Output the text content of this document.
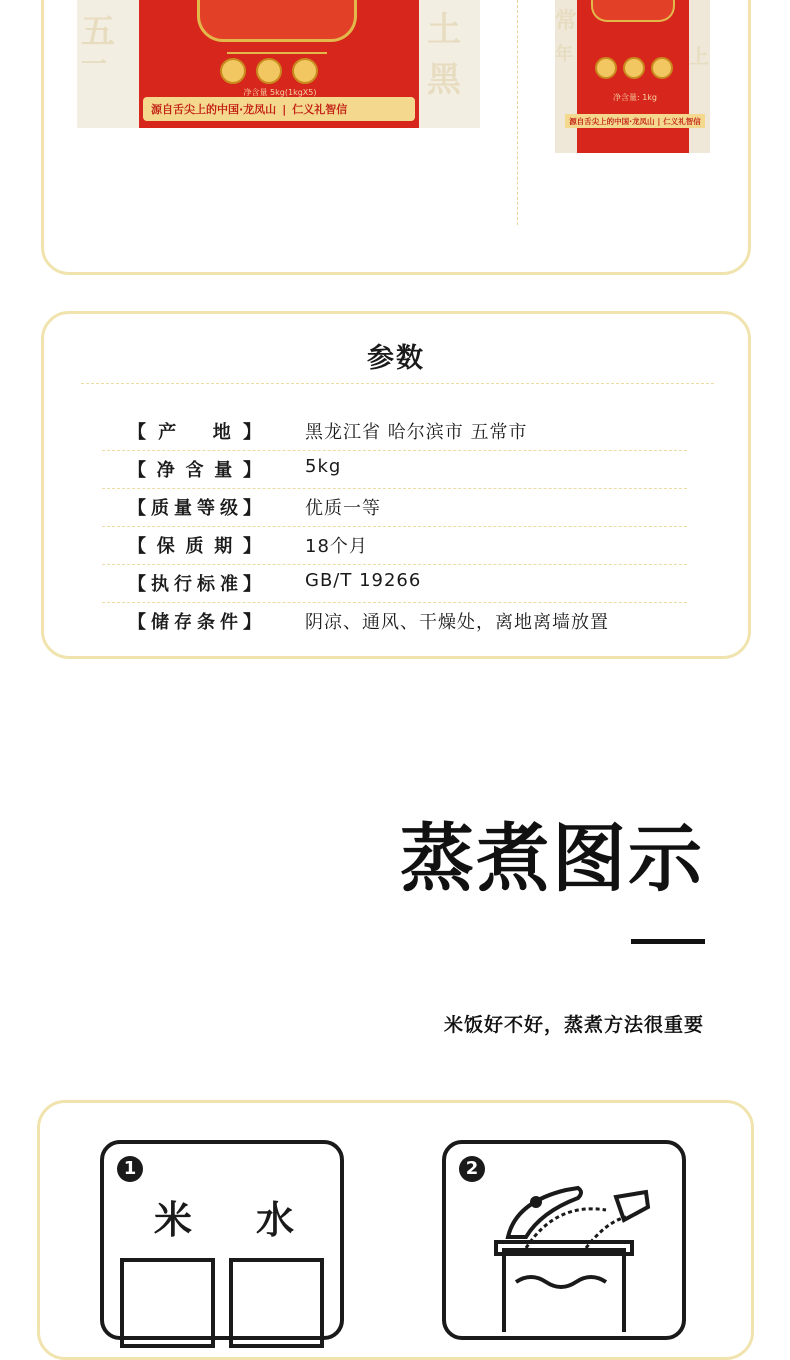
五
一
土
黑
净含量 5kg(1kgX5)
源自舌尖上的中国·龙凤山 | 仁义礼智信
常
年	上
净含量: 1kg
源自舌尖上的中国·龙凤山 | 仁义礼智信
参数
【 产 地 】 黑龙江省 哈尔滨市 五常市
【 净 含 量 】 5kg
【 质 量 等 级 】 优质一等
【 保 质 期 】 18个月
【 执 行 标 准 】 GB/T 19266
【 储 存 条 件 】 阴凉、通风、干燥处，离地离墙放置
蒸煮图示
米饭好不好，蒸煮方法很重要
1
米 水
2
